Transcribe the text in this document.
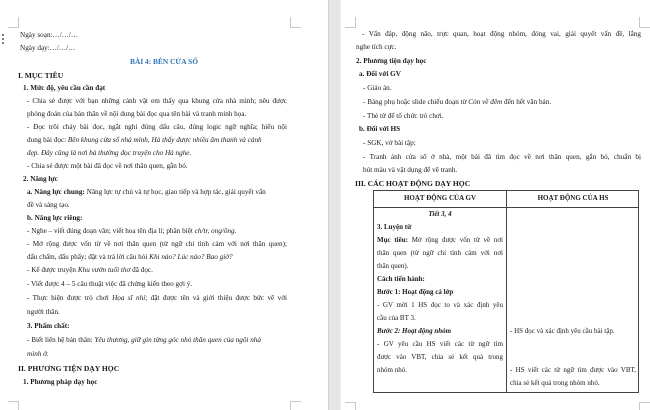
Ngày soạn:…/…/…
Ngày dạy:…/…/…
BÀI 4: BÊN CỬA SỔ
I. MỤC TIÊU
1. Mức độ, yêu cầu cần đạt
- Chia sẻ được với bạn những cảnh vật em thấy qua khung cửa nhà mình; nêu được
phỏng đoán của bản thân về nội dung bài đọc qua tên bài và tranh minh họa.
- Đọc trôi chảy bài đọc, ngắt nghỉ đúng dấu câu, đúng logic ngữ nghĩa; hiểu nội
dung bài đọc: Bên khung cửa sổ nhà mình, Hà thấy được nhiều âm thanh và cảnh
đẹp. Đây cũng là nơi bà thường đọc truyện cho Hà nghe.
- Chia sẻ được một bài đã đọc về nơi thân quen, gắn bó.
2. Năng lực
a. Năng lực chung: Năng lực tự chủ và tự học, giao tiếp và hợp tác, giải quyết vấn
đề và sáng tạo.
b. Năng lực riêng:
- Nghe – viết đúng đoạn văn; viết hoa tên địa lí; phân biệt ch/tr, ong/ông.
- Mở rộng được vốn từ về nơi thân quen (từ ngữ chỉ tình cảm với nơi thân quen);
dấu chấm, dấu phẩy; đặt và trả lời câu hỏi Khi nào? Lúc nào? Bao giờ?
- Kể được truyện Khu vườn tuổi thơ đã đọc.
- Viết được 4 – 5 câu thuật việc đã chứng kiến theo gợi ý.
- Thực hiện được trò chơi Họa sĩ nhí; đặt được tên và giới thiệu được bức vẽ với
người thân.
3. Phẩm chất:
- Biết liên hệ bản thân: Yêu thương, giữ gìn từng góc nhỏ thân quen của ngôi nhà
mình ở.
II. PHƯƠNG TIỆN DẠY HỌC
1. Phương pháp dạy học
- Vấn đáp, động não, trực quan, hoạt động nhóm, đóng vai, giải quyết vấn đề, lắng
nghe tích cực.
2. Phương tiện dạy học
a. Đối với GV
- Giáo án.
- Bảng phụ hoặc slide chiếu đoạn từ Còn về đêm đến hết văn bản.
- Thẻ từ để tổ chức trò chơi.
b. Đối với HS
- SGK, vở bài tập;
- Tranh ảnh cửa sổ ở nhà, một bài đã tìm đọc về nơi thân quen, gắn bó, chuẩn bị
bút màu và vật dụng để vẽ tranh.
III. CÁC HOẠT ĐỘNG DẠY HỌC
HOẠT ĐỘNG CỦA GV	HOẠT ĐỘNG CỦA HS
Tiết 3, 4
3. Luyện từ
Mục tiêu: Mở rộng được vốn từ về nơi
thân quen (từ ngữ chỉ tình cảm với nơi
thân quen).
Cách tiến hành:
Bước 1: Hoạt động cả lớp
- GV mời 1 HS đọc to và xác định yêu
cầu của BT 3.
Bước 2: Hoạt động nhóm
- GV yêu cầu HS viết các từ ngữ tìm
được vào VBT, chia sẻ kết quả trong
nhóm nhỏ.
- HS đọc và xác định yêu cầu bài tập.
- HS viết các từ ngữ tìm được vào VBT,
chia sẻ kết quả trong nhóm nhỏ.
